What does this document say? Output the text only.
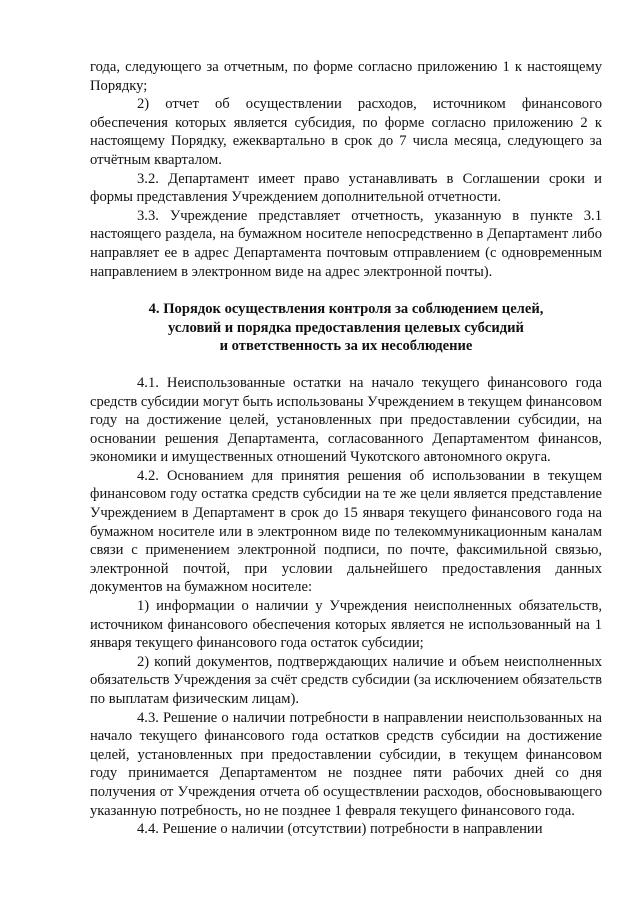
года, следующего за отчетным, по форме согласно приложению 1 к настоящему Порядку;

2) отчет об осуществлении расходов, источником финансового обеспечения которых является субсидия, по форме согласно приложению 2 к настоящему Порядку, ежеквартально в срок до 7 числа месяца, следующего за отчётным кварталом.

3.2. Департамент имеет право устанавливать в Соглашении сроки и формы представления Учреждением дополнительной отчетности.

3.3. Учреждение представляет отчетность, указанную в пункте 3.1 настоящего раздела, на бумажном носителе непосредственно в Департамент либо направляет ее в адрес Департамента почтовым отправлением (с одновременным направлением в электронном виде на адрес электронной почты).

4. Порядок осуществления контроля за соблюдением целей,
условий и порядка предоставления целевых субсидий
и ответственность за их несоблюдение

4.1. Неиспользованные остатки на начало текущего финансового года средств субсидии могут быть использованы Учреждением в текущем финансовом году на достижение целей, установленных при предоставлении субсидии, на основании решения Департамента, согласованного Департаментом финансов, экономики и имущественных отношений Чукотского автономного округа.

4.2. Основанием для принятия решения об использовании в текущем финансовом году остатка средств субсидии на те же цели является представление Учреждением в Департамент в срок до 15 января текущего финансового года на бумажном носителе или в электронном виде по телекоммуникационным каналам связи с применением электронной подписи, по почте, факсимильной связью, электронной почтой, при условии дальнейшего предоставления данных документов на бумажном носителе:

1) информации о наличии у Учреждения неисполненных обязательств, источником финансового обеспечения которых является не использованный на 1 января текущего финансового года остаток субсидии;

2) копий документов, подтверждающих наличие и объем неисполненных обязательств Учреждения за счёт средств субсидии (за исключением обязательств по выплатам физическим лицам).

4.3. Решение о наличии потребности в направлении неиспользованных на начало текущего финансового года остатков средств субсидии на достижение целей, установленных при предоставлении субсидии, в текущем финансовом году принимается Департаментом не позднее пяти рабочих дней со дня получения от Учреждения отчета об осуществлении расходов, обосновывающего указанную потребность, но не позднее 1 февраля текущего финансового года.

4.4. Решение о наличии (отсутствии) потребности в направлении
